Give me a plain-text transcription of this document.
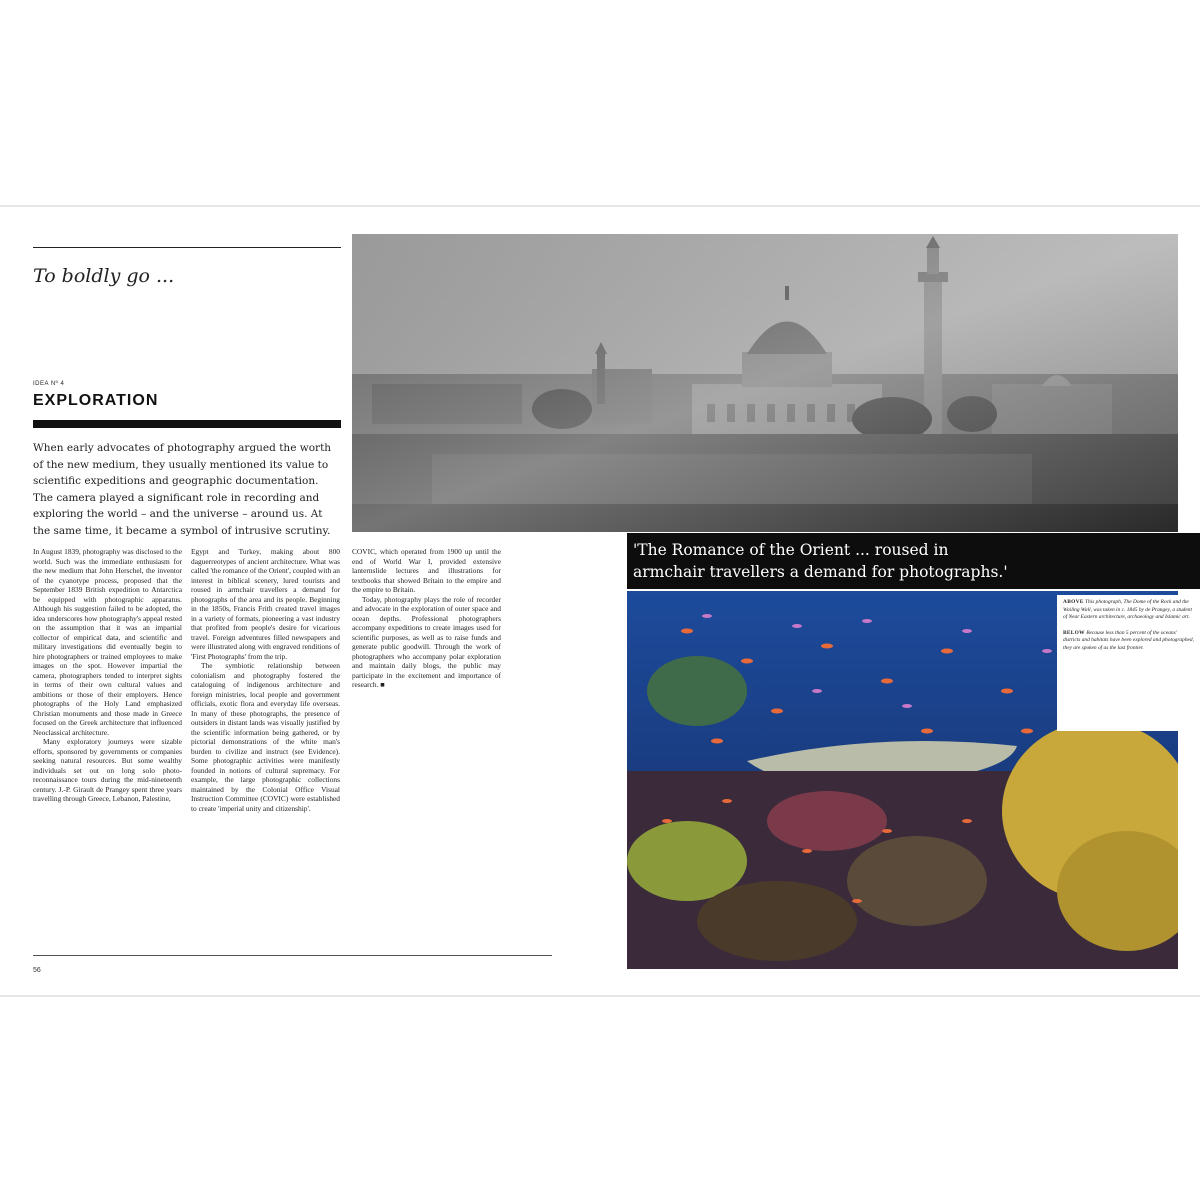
To boldly go ...
IDEA Nº 4
EXPLORATION
When early advocates of photography argued the worth of the new medium, they usually mentioned its value to scientific expeditions and geographic documentation. The camera played a significant role in recording and exploring the world – and the universe – around us. At the same time, it became a symbol of intrusive scrutiny.

In August 1839, photography was disclosed to the world. Such was the immediate enthusiasm for the new medium that John Herschel, the inventor of the cyanotype process, proposed that the September 1839 British expedition to Antarctica be equipped with photographic apparatus. Although his suggestion failed to be adopted, the idea underscores how photography's appeal rested on the assumption that it was an impartial collector of empirical data, and scientific and military investigations did eventually begin to hire photographers or trained employees to make images on the spot. However impartial the camera, photographers tended to interpret sights in terms of their own cultural values and ambitions or those of their employers. Hence photographs of the Holy Land emphasized Christian monuments and those made in Greece focused on the Greek architecture that influenced Neoclassical architecture.

Many exploratory journeys were sizable efforts, sponsored by governments or companies seeking natural resources. But some wealthy individuals set out on long solo photo-reconnaissance tours during the mid-nineteenth century. J.-P. Girault de Prangey spent three years travelling through Greece, Lebanon, Palestine,

Egypt and Turkey, making about 800 daguerreotypes of ancient architecture. What was called 'the romance of the Orient', coupled with an interest in biblical scenery, lured tourists and roused in armchair travellers a demand for photographs of the area and its people. Beginning in the 1850s, Francis Frith created travel images in a variety of formats, pioneering a vast industry that profited from people's desire for vicarious travel. Foreign adventures filled newspapers and were illustrated along with engraved renditions of 'First Photographs' from the trip.

The symbiotic relationship between colonialism and photography fostered the cataloguing of indigenous architecture and foreign ministries, local people and government officials, exotic flora and everyday life overseas. In many of these photographs, the presence of outsiders in distant lands was visually justified by the scientific information being gathered, or by pictorial demonstrations of the white man's burden to civilize and instruct (see Evidence). Some photographic activities were manifestly founded in notions of cultural supremacy. For example, the large photographic collections maintained by the Colonial Office Visual Instruction Committee (COVIC) were established to create 'imperial unity and citizenship'.

COVIC, which operated from 1900 up until the end of World War I, provided extensive lanternslide lectures and illustrations for textbooks that showed Britain to the empire and the empire to Britain.

Today, photography plays the role of recorder and advocate in the exploration of outer space and ocean depths. Professional photographers accompany expeditions to create images used for scientific purposes, as well as to raise funds and generate public goodwill. Through the work of photographers who accompany polar exploration and maintain daily blogs, the public may participate in the excitement and importance of research. ■

56
'The Romance of the Orient ... roused in
armchair travellers a demand for photographs.'

ABOVE This photograph, The Dome of the Rock and the Wailing Wall, was taken in c. 1845 by de Prangey, a student of Near Eastern architecture, archaeology and Islamic art.

BELOW Because less than 5 percent of the oceans' districts and habitats have been explored and photographed, they are spoken of as the last frontier.
